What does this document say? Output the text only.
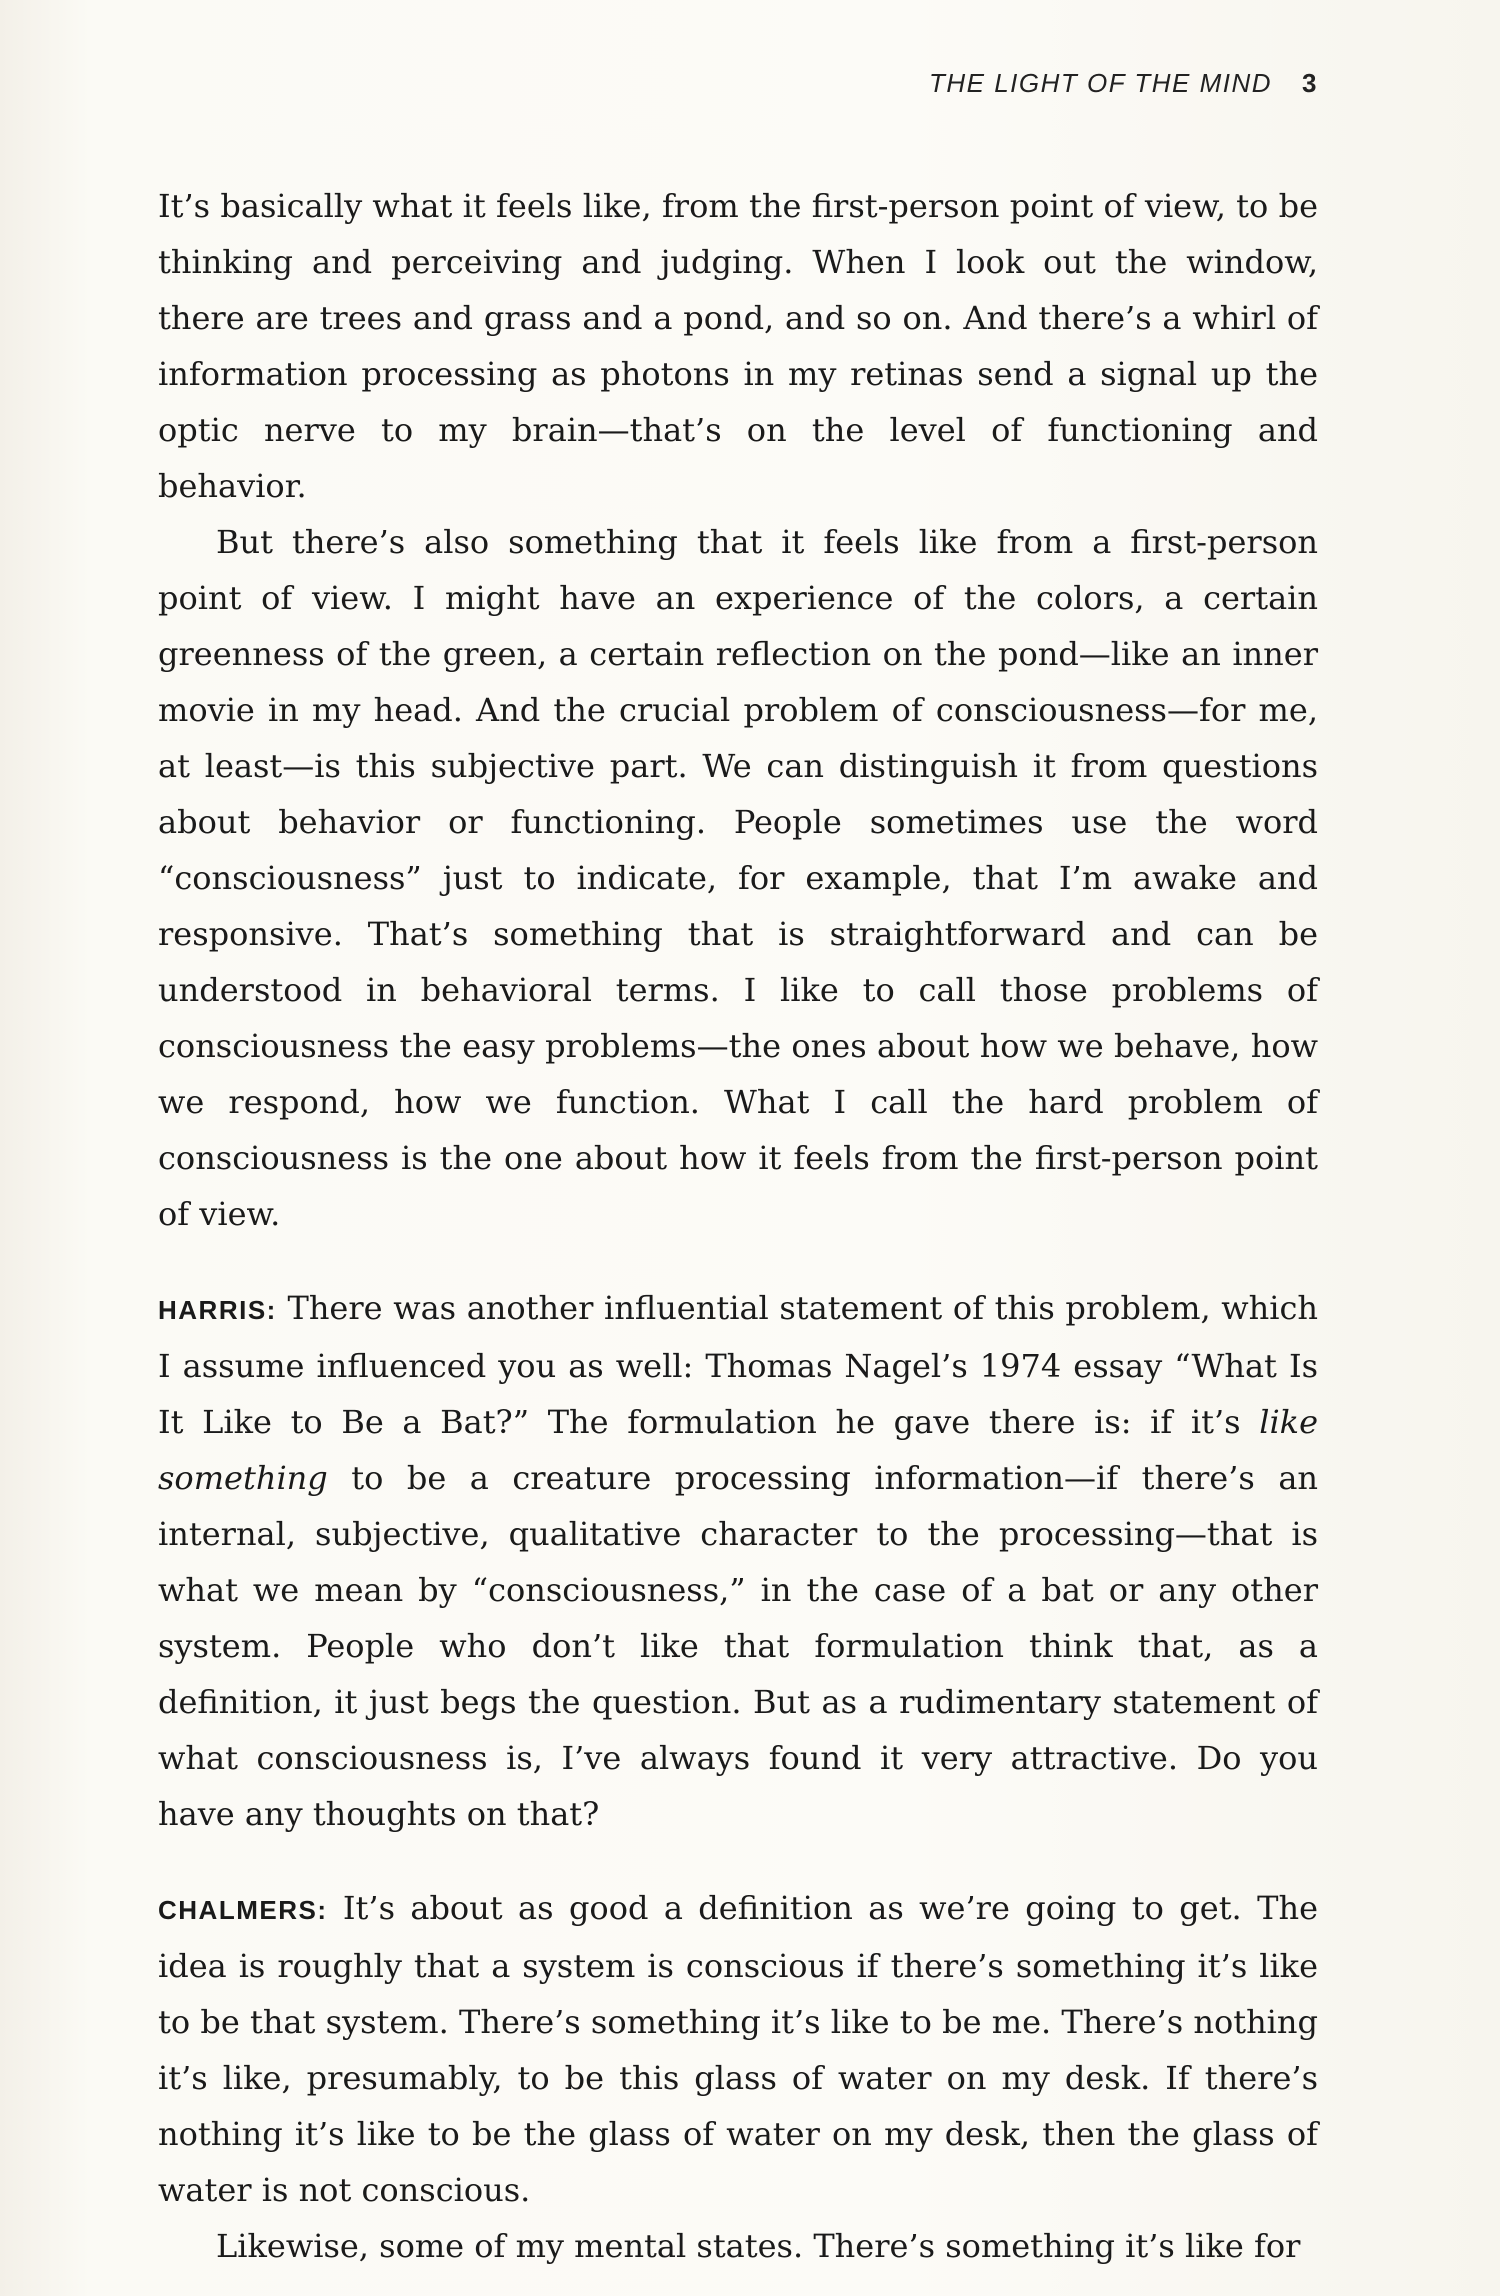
THE LIGHT OF THE MIND 3

It’s basically what it feels like, from the first-person point of view, to be thinking and perceiving and judging. When I look out the window, there are trees and grass and a pond, and so on. And there’s a whirl of information processing as photons in my retinas send a signal up the optic nerve to my brain—that’s on the level of functioning and behavior.

But there’s also something that it feels like from a first-person point of view. I might have an experience of the colors, a certain greenness of the green, a certain reflection on the pond—like an inner movie in my head. And the crucial problem of consciousness—for me, at least—is this subjective part. We can distinguish it from questions about behavior or functioning. People sometimes use the word “consciousness” just to indicate, for example, that I’m awake and responsive. That’s something that is straightforward and can be understood in behavioral terms. I like to call those problems of consciousness the easy problems—the ones about how we behave, how we respond, how we function. What I call the hard problem of consciousness is the one about how it feels from the first-person point of view.

HARRIS: There was another influential statement of this problem, which I assume influenced you as well: Thomas Nagel’s 1974 essay “What Is It Like to Be a Bat?” The formulation he gave there is: if it’s like something to be a creature processing information—if there’s an internal, subjective, qualitative character to the processing—that is what we mean by “consciousness,” in the case of a bat or any other system. People who don’t like that formulation think that, as a definition, it just begs the question. But as a rudimentary statement of what consciousness is, I’ve always found it very attractive. Do you have any thoughts on that?

CHALMERS: It’s about as good a definition as we’re going to get. The idea is roughly that a system is conscious if there’s something it’s like to be that system. There’s something it’s like to be me. There’s nothing it’s like, presumably, to be this glass of water on my desk. If there’s nothing it’s like to be the glass of water on my desk, then the glass of water is not conscious.

Likewise, some of my mental states. There’s something it’s like for
